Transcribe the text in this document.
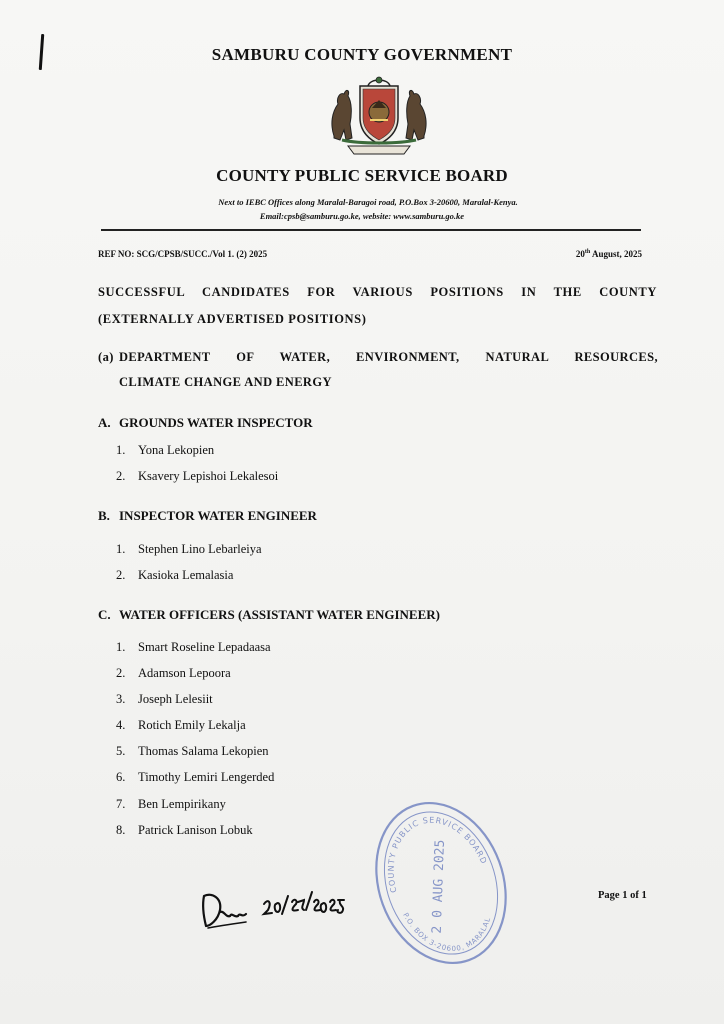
SAMBURU COUNTY GOVERNMENT
COUNTY PUBLIC SERVICE BOARD
Next to IEBC Offices along Maralal-Baragoi road, P.O.Box 3-20600, Maralal-Kenya.
Email:cpsb@samburu.go.ke, website: www.samburu.go.ke
REF NO: SCG/CPSB/SUCC./Vol 1. (2) 2025	20th August, 2025
SUCCESSFUL CANDIDATES FOR VARIOUS POSITIONS IN THE COUNTY
(EXTERNALLY ADVERTISED POSITIONS)
(a) DEPARTMENT OF WATER, ENVIRONMENT, NATURAL RESOURCES,
CLIMATE CHANGE AND ENERGY
A. GROUNDS WATER INSPECTOR
1. Yona Lekopien
2. Ksavery Lepishoi Lekalesoi
B. INSPECTOR WATER ENGINEER
1. Stephen Lino Lebarleiya
2. Kasioka Lemalasia
C. WATER OFFICERS (ASSISTANT WATER ENGINEER)
1. Smart Roseline Lepadaasa
2. Adamson Lepoora
3. Joseph Lelesiit
4. Rotich Emily Lekalja
5. Thomas Salama Lekopien
6. Timothy Lemiri Lengerded
7. Ben Lempirikany
8. Patrick Lanison Lobuk
COUNTY PUBLIC SERVICE BOARD
2 0 AUG 2025
P.O. BOX 3-20600, MARALAL
Page 1 of 1
